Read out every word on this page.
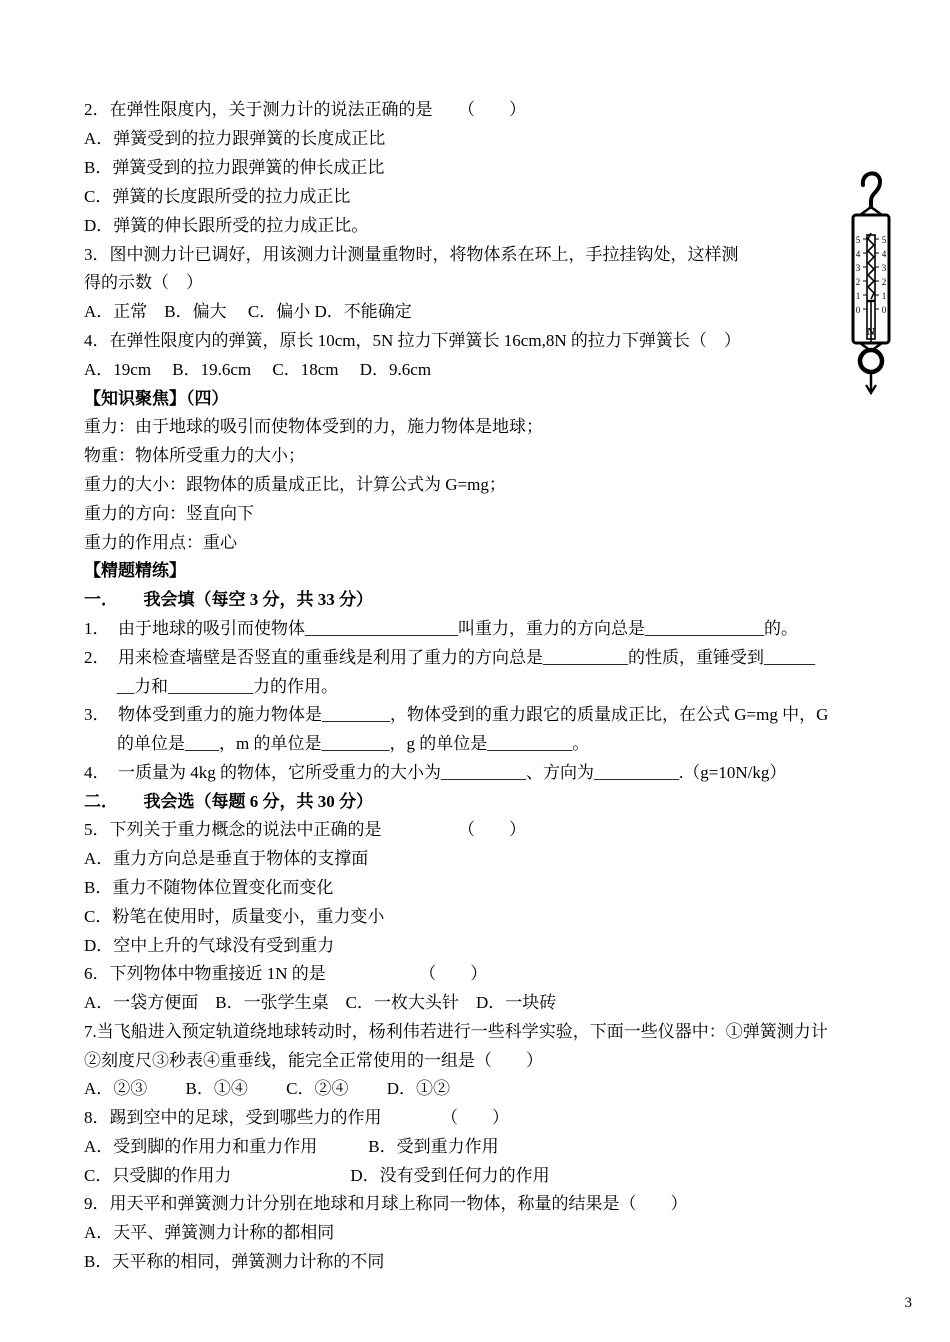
2．在弹性限度内，关于测力计的说法正确的是　　（　　）
A．弹簧受到的拉力跟弹簧的长度成正比
B．弹簧受到的拉力跟弹簧的伸长成正比
C．弹簧的长度跟所受的拉力成正比
D．弹簧的伸长跟所受的拉力成正比。
3．图中测力计已调好，用该测力计测量重物时，将物体系在环上，手拉挂钩处，这样测
得的示数（　）
A．正常　B．偏大　 C．偏小 D．不能确定
4．在弹性限度内的弹簧，原长 10cm，5N 拉力下弹簧长 16cm,8N 的拉力下弹簧长（　）
A．19cm　 B．19.6cm　 C．18cm　 D．9.6cm
【知识聚焦】（四）
重力：由于地球的吸引而使物体受到的力，施力物体是地球；
物重：物体所受重力的大小；
重力的大小：跟物体的质量成正比，计算公式为 G=mg；
重力的方向：竖直向下
重力的作用点：重心
【精题精练】
一．　　我会填（每空 3 分，共 33 分）
1．　由于地球的吸引而使物体__________________叫重力，重力的方向总是______________的。
2．　用来检查墙壁是否竖直的重垂线是利用了重力的方向总是__________的性质，重锤受到______
__力和__________力的作用。
3．　物体受到重力的施力物体是________，物体受到的重力跟它的质量成正比，在公式 G=mg 中，G
的单位是____，m 的单位是________，g 的单位是__________。
4．　一质量为 4kg 的物体，它所受重力的大小为__________、方向为__________.（g=10N/kg）
二．　　我会选（每题 6 分，共 30 分）
5．下列关于重力概念的说法中正确的是　　　　　（　　）
A．重力方向总是垂直于物体的支撑面
B．重力不随物体位置变化而变化
C．粉笔在使用时，质量变小，重力变小
D．空中上升的气球没有受到重力
6．下列物体中物重接近 1N 的是　　　　　　（　　）
A．一袋方便面　B．一张学生桌　C．一枚大头针　D．一块砖
7.当飞船进入预定轨道绕地球转动时，杨利伟若进行一些科学实验，下面一些仪器中：①弹簧测力计
②刻度尺③秒表④重垂线，能完全正常使用的一组是（　　）
A．②③　　 B．①④　　 C．②④　　 D．①②
8．踢到空中的足球，受到哪些力的作用　　　　（　　）
A．受到脚的作用力和重力作用　　　B．受到重力作用
C．只受脚的作用力　　　　　　　D．没有受到任何力的作用
9．用天平和弹簧测力计分别在地球和月球上称同一物体，称量的结果是（　　）
A．天平、弹簧测力计称的都相同
B．天平称的相同，弹簧测力计称的不同
5
4
3
2
1
0
5
4
3
2
1
0
N
3
